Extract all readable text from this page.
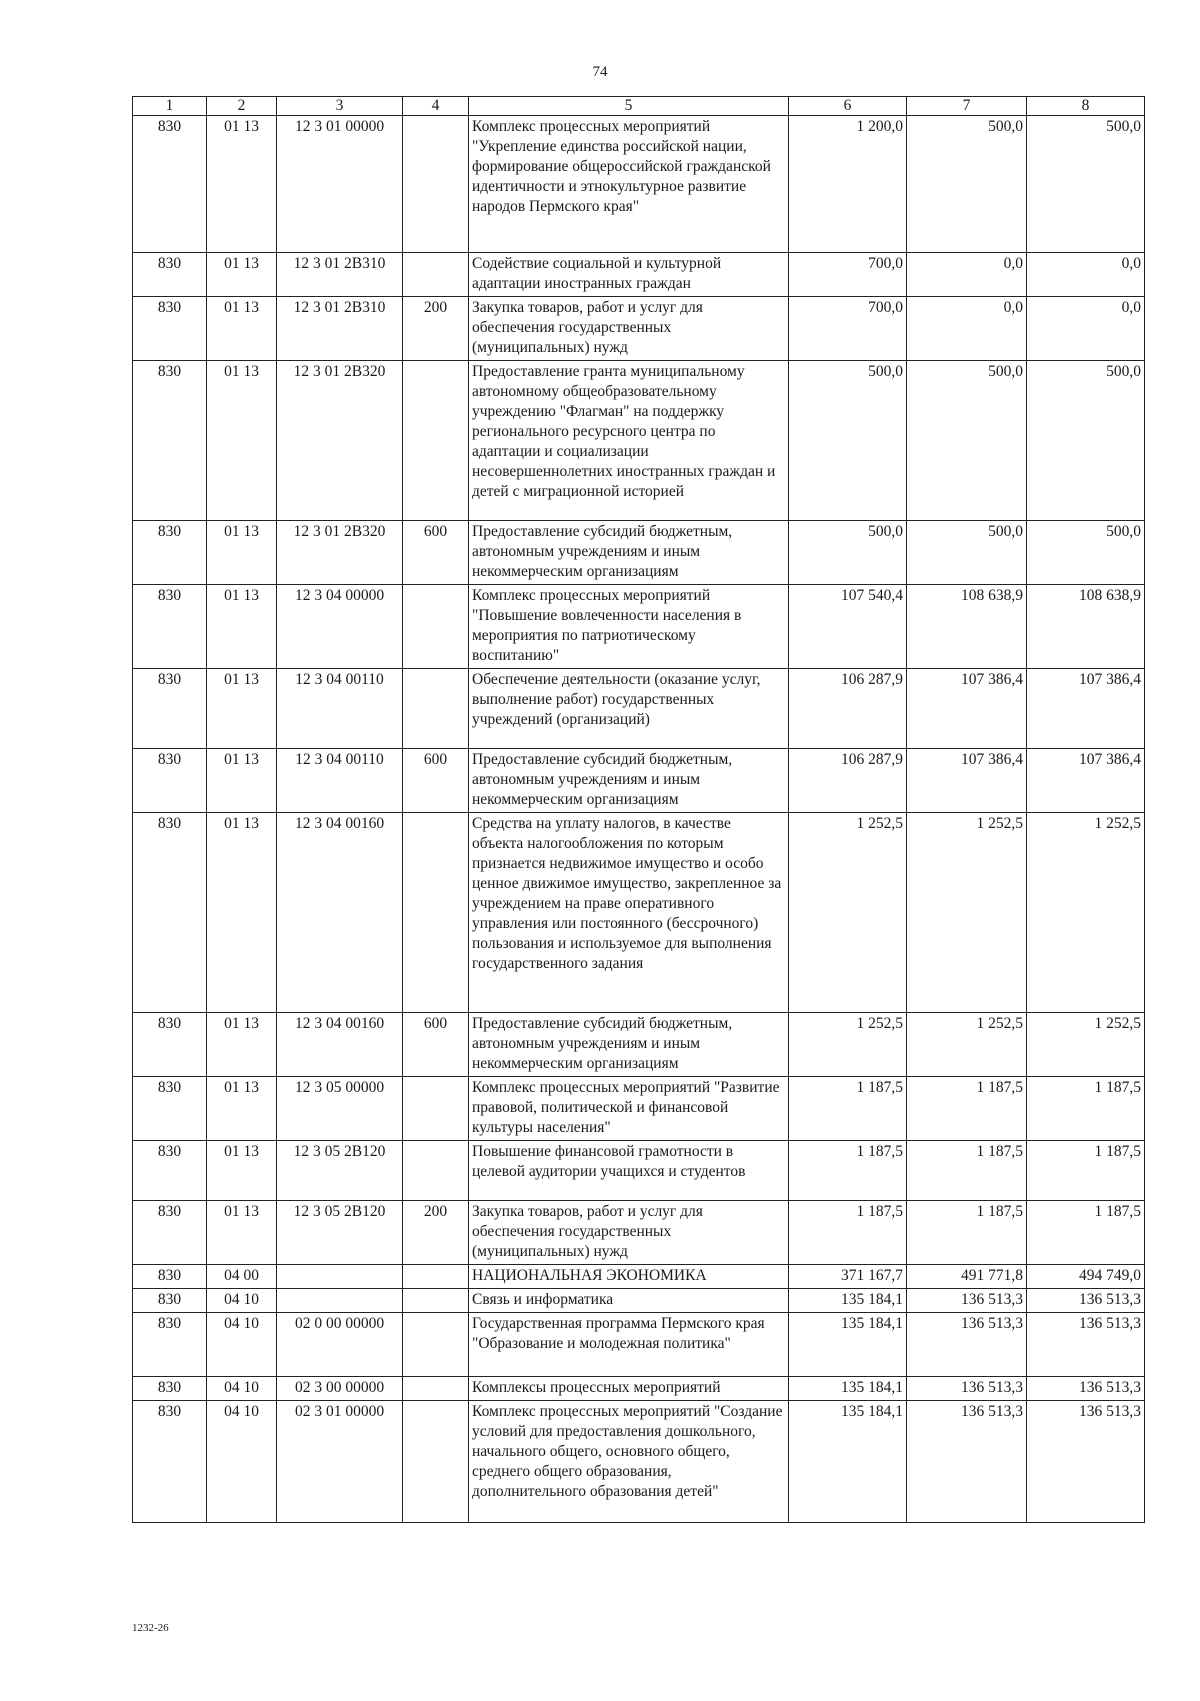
74
1	2	3	4	5	6	7	8
830	01 13	12 3 01 00000		Комплекс процессных мероприятий "Укрепление единства российской нации, формирование общероссийской гражданской идентичности и этнокультурное развитие народов Пермского края"	1 200,0	500,0	500,0
830	01 13	12 3 01 2В310		Содействие социальной и культурной адаптации иностранных граждан	700,0	0,0	0,0
830	01 13	12 3 01 2В310	200	Закупка товаров, работ и услуг для обеспечения государственных (муниципальных) нужд	700,0	0,0	0,0
830	01 13	12 3 01 2В320		Предоставление гранта муниципальному автономному общеобразовательному учреждению "Флагман" на поддержку регионального ресурсного центра по адаптации и социализации несовершеннолетних иностранных граждан и детей с миграционной историей	500,0	500,0	500,0
830	01 13	12 3 01 2В320	600	Предоставление субсидий бюджетным, автономным учреждениям и иным некоммерческим организациям	500,0	500,0	500,0
830	01 13	12 3 04 00000		Комплекс процессных мероприятий "Повышение вовлеченности населения в мероприятия по патриотическому воспитанию"	107 540,4	108 638,9	108 638,9
830	01 13	12 3 04 00110		Обеспечение деятельности (оказание услуг, выполнение работ) государственных учреждений (организаций)	106 287,9	107 386,4	107 386,4
830	01 13	12 3 04 00110	600	Предоставление субсидий бюджетным, автономным учреждениям и иным некоммерческим организациям	106 287,9	107 386,4	107 386,4
830	01 13	12 3 04 00160		Средства на уплату налогов, в качестве объекта налогообложения по которым признается недвижимое имущество и особо ценное движимое имущество, закрепленное за учреждением на праве оперативного управления или постоянного (бессрочного) пользования и используемое для выполнения государственного задания	1 252,5	1 252,5	1 252,5
830	01 13	12 3 04 00160	600	Предоставление субсидий бюджетным, автономным учреждениям и иным некоммерческим организациям	1 252,5	1 252,5	1 252,5
830	01 13	12 3 05 00000		Комплекс процессных мероприятий "Развитие правовой, политической и финансовой культуры населения"	1 187,5	1 187,5	1 187,5
830	01 13	12 3 05 2В120		Повышение финансовой грамотности в целевой аудитории учащихся и студентов	1 187,5	1 187,5	1 187,5
830	01 13	12 3 05 2В120	200	Закупка товаров, работ и услуг для обеспечения государственных (муниципальных) нужд	1 187,5	1 187,5	1 187,5
830	04 00			НАЦИОНАЛЬНАЯ ЭКОНОМИКА	371 167,7	491 771,8	494 749,0
830	04 10			Связь и информатика	135 184,1	136 513,3	136 513,3
830	04 10	02 0 00 00000		Государственная программа Пермского края "Образование и молодежная политика"	135 184,1	136 513,3	136 513,3
830	04 10	02 3 00 00000		Комплексы процессных мероприятий	135 184,1	136 513,3	136 513,3
830	04 10	02 3 01 00000		Комплекс процессных мероприятий "Создание условий для предоставления дошкольного, начального общего, основного общего, среднего общего образования, дополнительного образования детей"	135 184,1	136 513,3	136 513,3
1232-26
